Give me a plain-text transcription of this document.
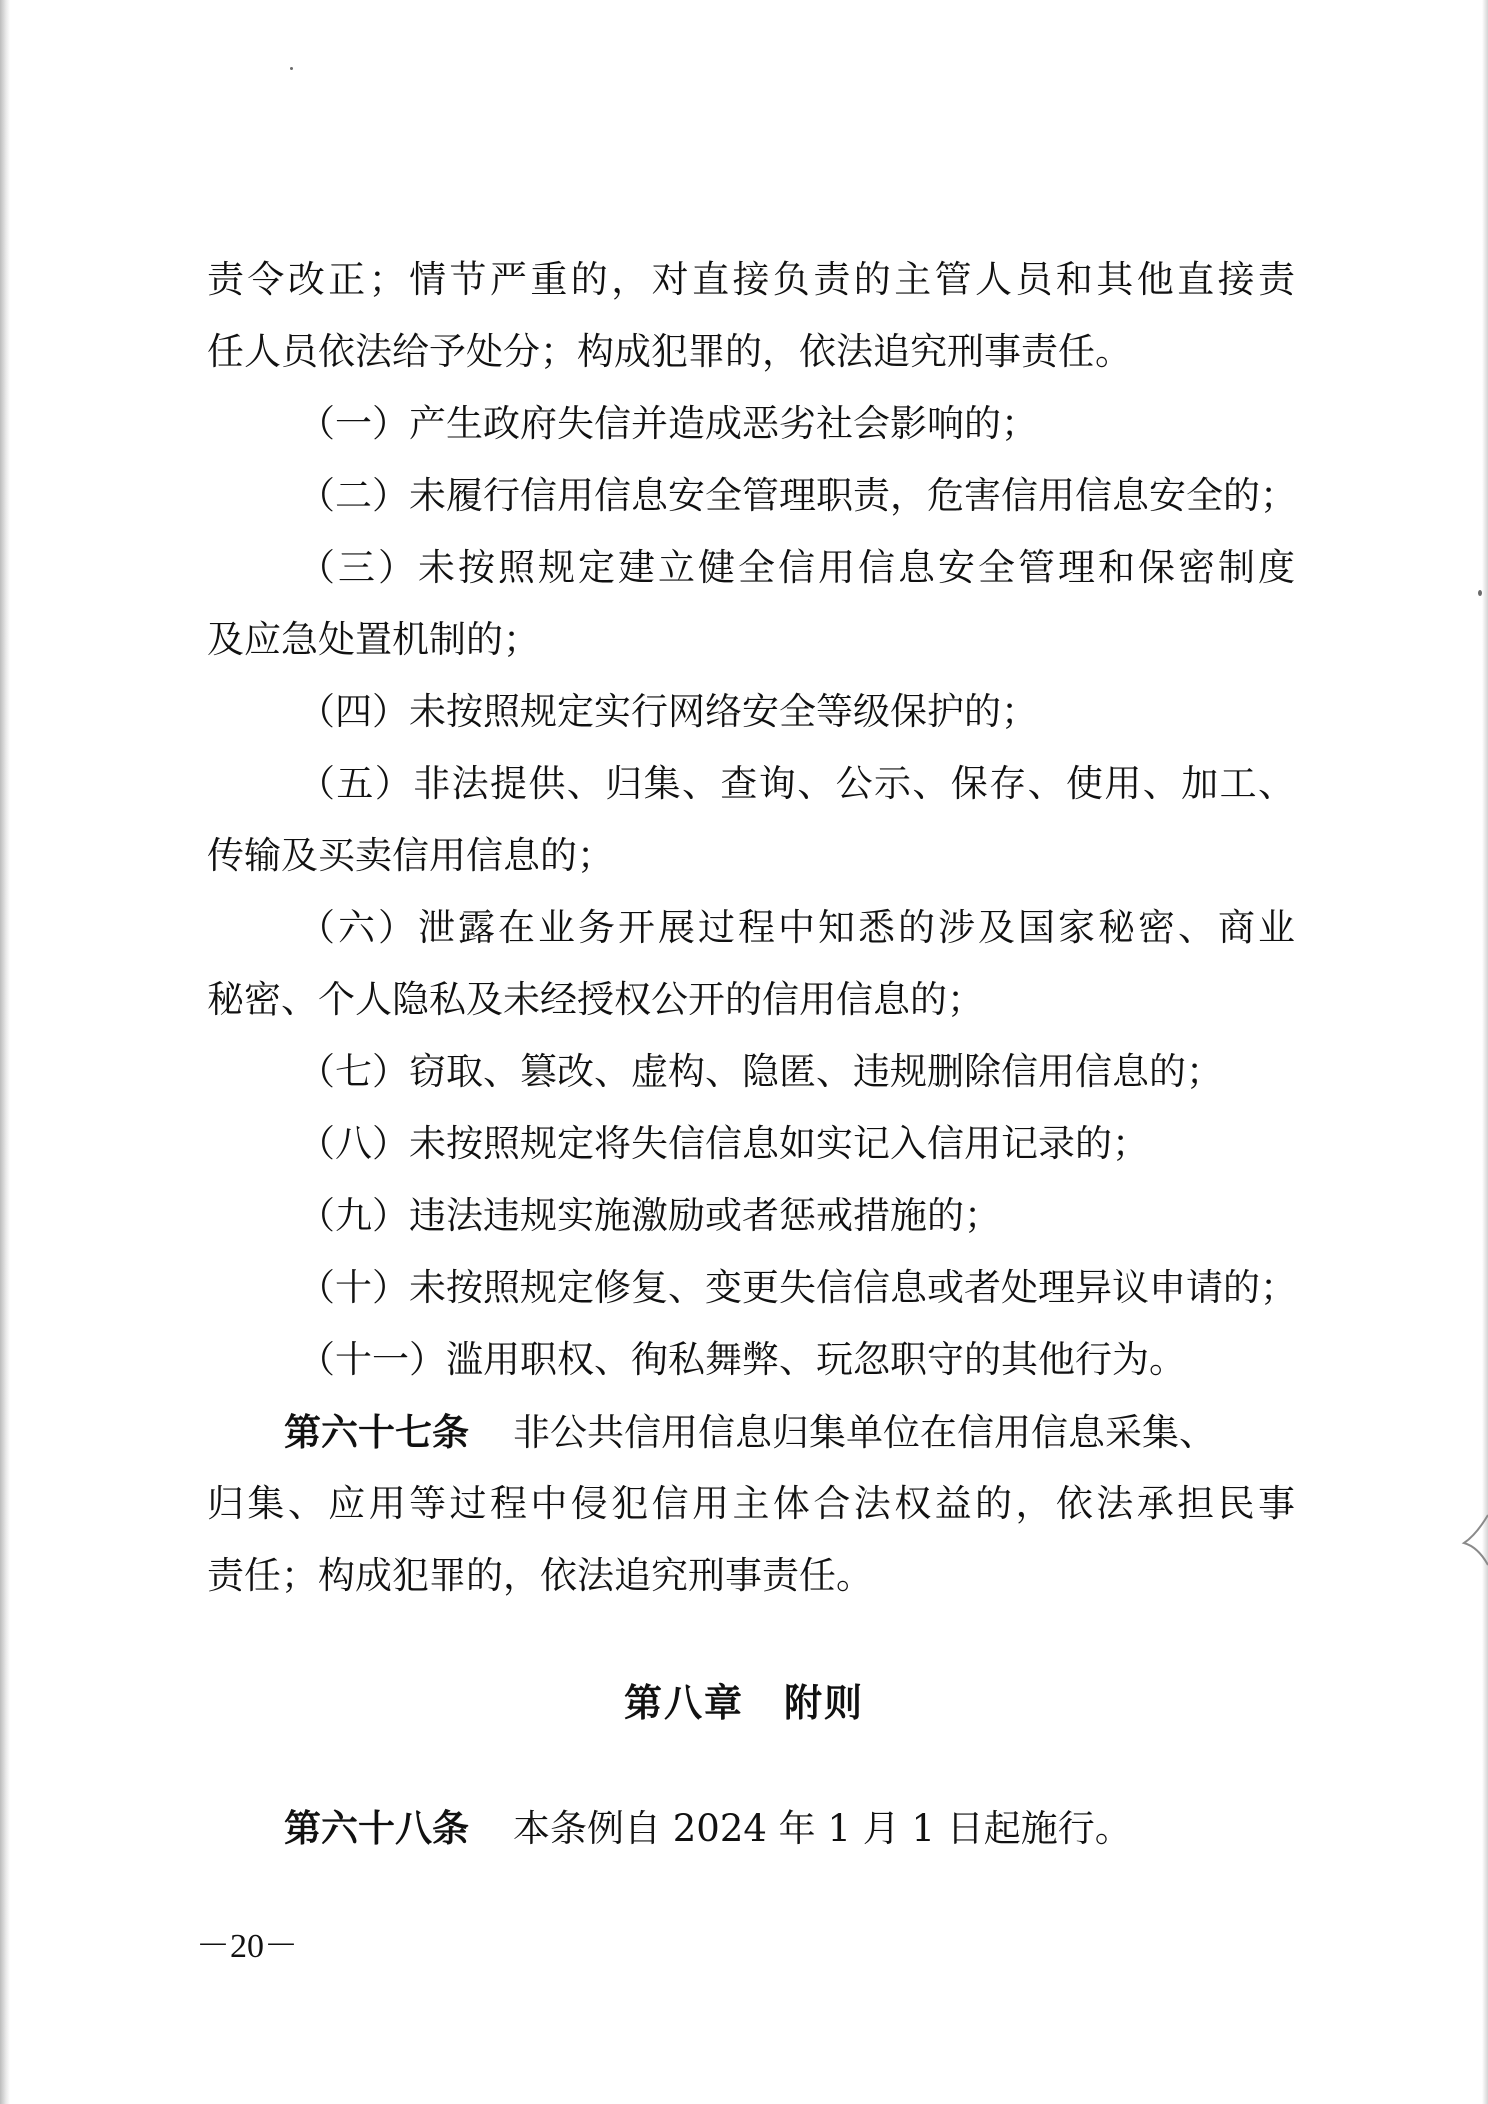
责令改正；情节严重的，对直接负责的主管人员和其他直接责
任人员依法给予处分；构成犯罪的，依法追究刑事责任。
（一）产生政府失信并造成恶劣社会影响的；
（二）未履行信用信息安全管理职责，危害信用信息安全的；
（三）未按照规定建立健全信用信息安全管理和保密制度
及应急处置机制的；
（四）未按照规定实行网络安全等级保护的；
（五）非法提供、归集、查询、公示、保存、使用、加工、
传输及买卖信用信息的；
（六）泄露在业务开展过程中知悉的涉及国家秘密、商业
秘密、个人隐私及未经授权公开的信用信息的；
（七）窃取、篡改、虚构、隐匿、违规删除信用信息的；
（八）未按照规定将失信信息如实记入信用记录的；
（九）违法违规实施激励或者惩戒措施的；
（十）未按照规定修复、变更失信信息或者处理异议申请的；
（十一）滥用职权、徇私舞弊、玩忽职守的其他行为。
第六十七条 非公共信用信息归集单位在信用信息采集、
归集、应用等过程中侵犯信用主体合法权益的，依法承担民事
责任；构成犯罪的，依法追究刑事责任。
第八章　附则
第六十八条 本条例自 2024 年 1 月 1 日起施行。
－20－
